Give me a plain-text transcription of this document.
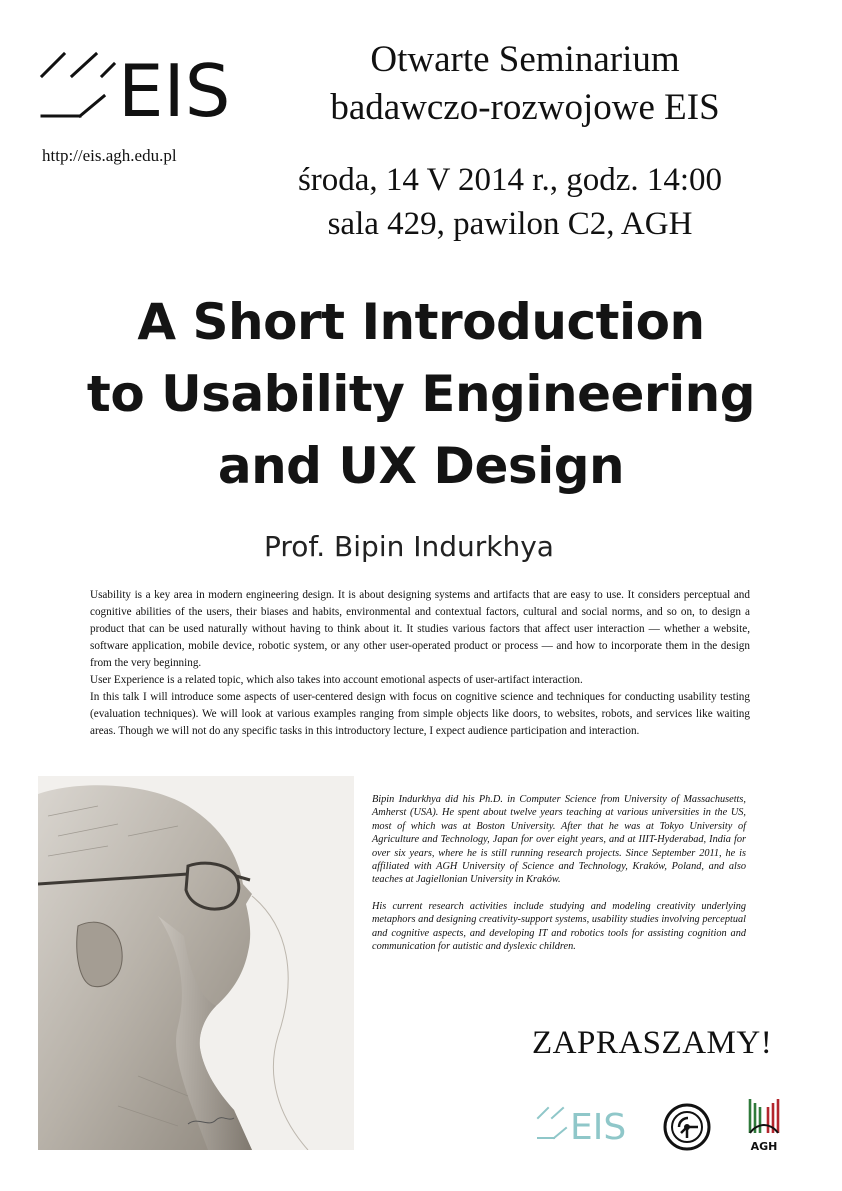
EIS
http://eis.agh.edu.pl
Otwarte Seminarium
badawczo-rozwojowe EIS
środa, 14 V 2014 r., godz. 14:00
sala 429, pawilon C2, AGH
A Short Introduction
to Usability Engineering
and UX Design
Prof. Bipin Indurkhya

Usability is a key area in modern engineering design. It is about designing systems and artifacts that are easy to use. It considers perceptual and cognitive abilities of the users, their biases and habits, environmental and contextual factors, cultural and social norms, and so on, to design a product that can be used naturally without having to think about it. It studies various factors that affect user interaction — whether a website, software application, mobile device, robotic system, or any other user-operated product or process — and how to incorporate them in the design from the very beginning.

User Experience is a related topic, which also takes into account emotional aspects of user-artifact interaction.

In this talk I will introduce some aspects of user-centered design with focus on cognitive science and techniques for conducting usability testing (evaluation techniques). We will look at various examples ranging from simple objects like doors, to websites, robots, and services like waiting areas. Though we will not do any specific tasks in this introductory lecture, I expect audience participation and interaction.

Bipin Indurkhya did his Ph.D. in Computer Science from University of Massachusetts, Amherst (USA). He spent about twelve years teaching at various universities in the US, most of which was at Boston University. After that he was at Tokyo University of Agriculture and Technology, Japan for over eight years, and at IIIT-Hyderabad, India for over six years, where he is still running research projects. Since September 2011, he is affiliated with AGH University of Science and Technology, Kraków, Poland, and also teaches at Jagiellonian University in Kraków.

His current research activities include studying and modeling creativity underlying metaphors and designing creativity-support systems, usability studies involving perceptual and cognitive aspects, and developing IT and robotics tools for assisting cognition and communication for autistic and dyslexic children.

ZAPRASZAMY!
EIS	AGH
